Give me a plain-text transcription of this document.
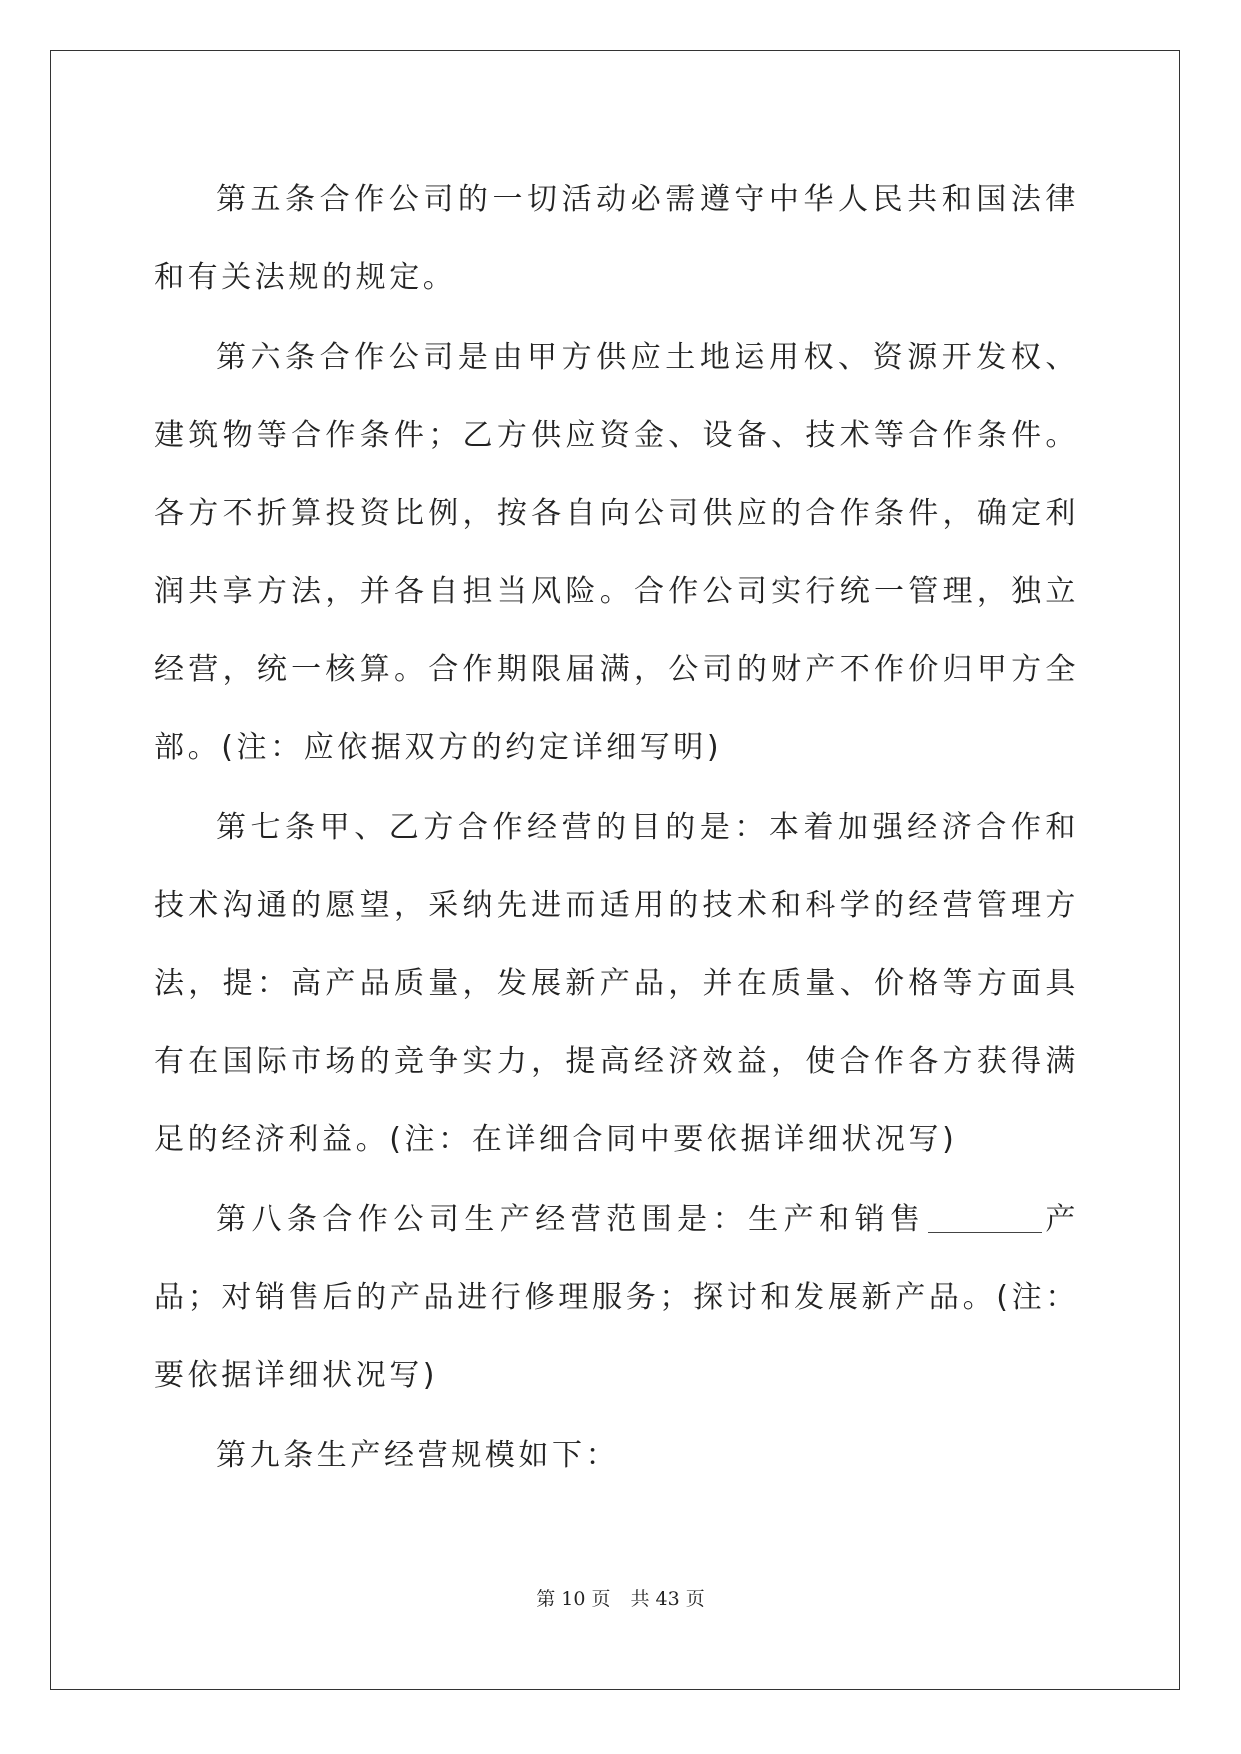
第五条合作公司的一切活动必需遵守中华人民共和国法律和有关法规的规定。

第六条合作公司是由甲方供应土地运用权、资源开发权、建筑物等合作条件；乙方供应资金、设备、技术等合作条件。各方不折算投资比例，按各自向公司供应的合作条件，确定利润共享方法，并各自担当风险。合作公司实行统一管理，独立经营，统一核算。合作期限届满，公司的财产不作价归甲方全部。(注：应依据双方的约定详细写明)

第七条甲、乙方合作经营的目的是：本着加强经济合作和技术沟通的愿望，采纳先进而适用的技术和科学的经营管理方法，提：高产品质量，发展新产品，并在质量、价格等方面具有在国际市场的竞争实力，提高经济效益，使合作各方获得满足的经济利益。(注：在详细合同中要依据详细状况写)

第八条合作公司生产经营范围是：生产和销售	产品；对销售后的产品进行修理服务；探讨和发展新产品。(注：要依据详细状况写)

第九条生产经营规模如下：

第 10 页 共 43 页
